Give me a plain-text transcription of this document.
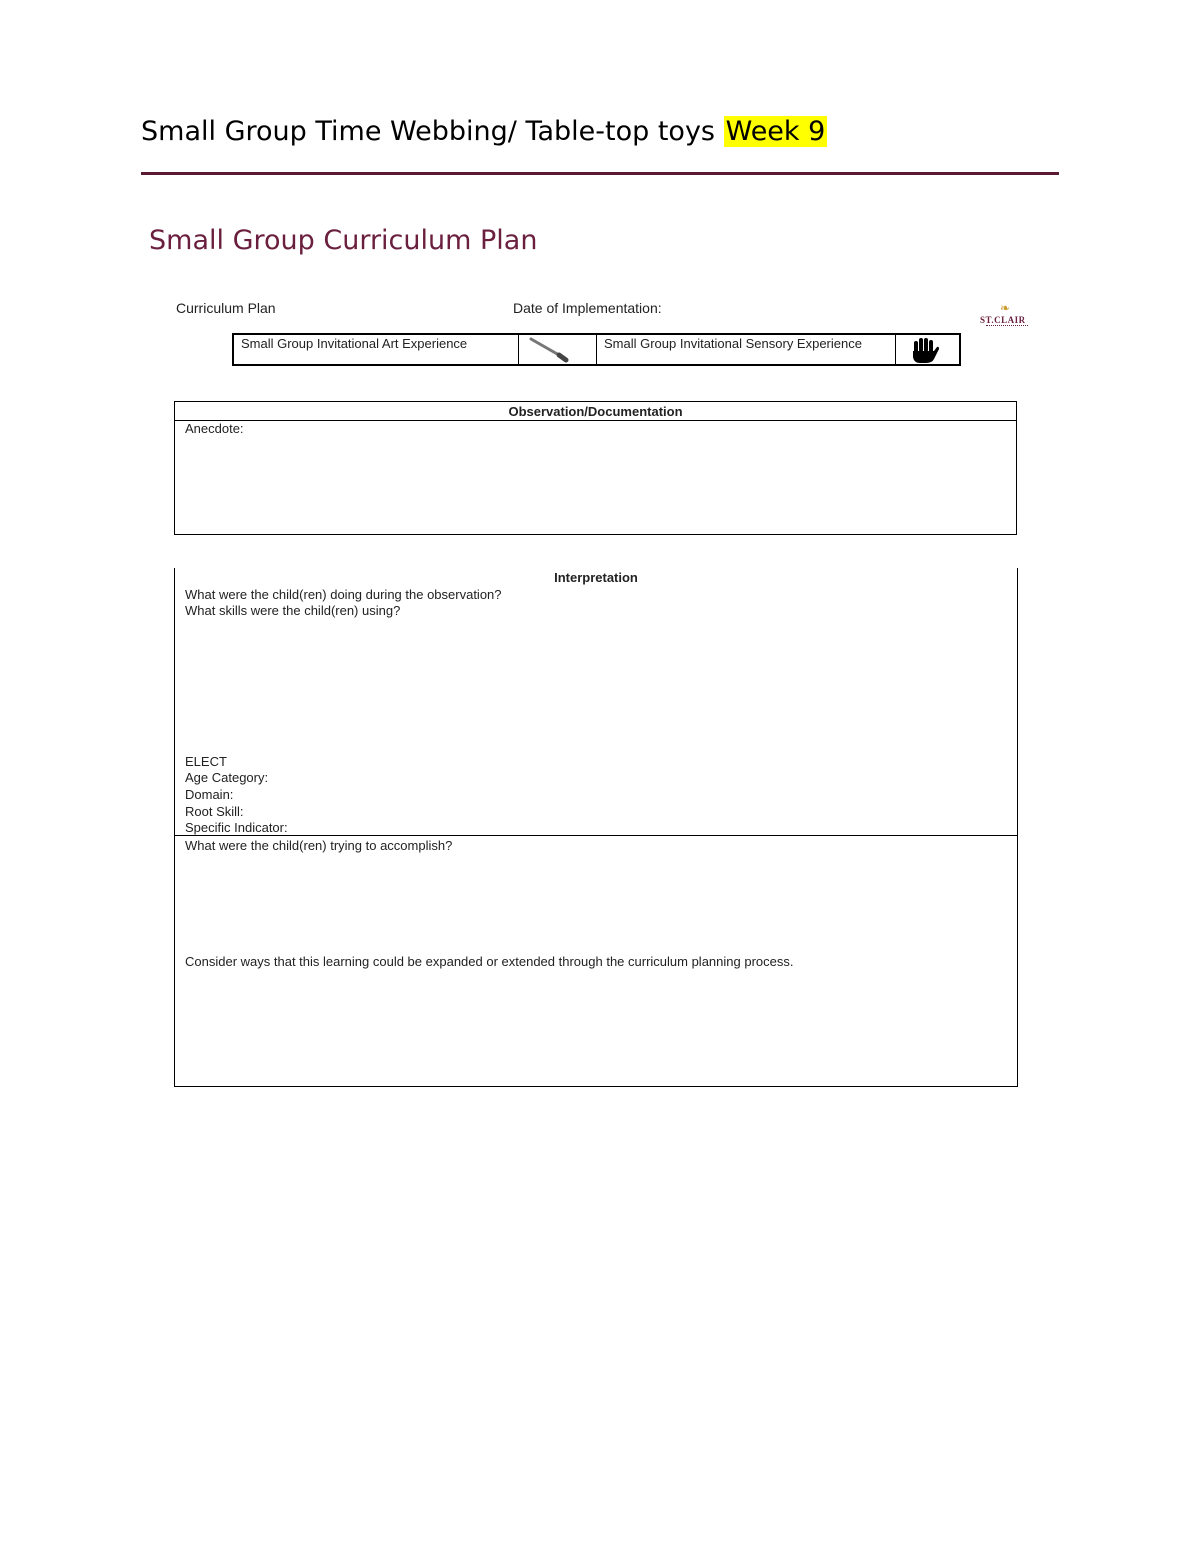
Small Group Time Webbing/ Table-top toys Week 9
Small Group Curriculum Plan
Curriculum Plan	Date of Implementation:	❧
ST.CLAIR
Small Group Invitational Art Experience	Small Group Invitational Sensory Experience
Observation/Documentation
Anecdote:
Interpretation
What were the child(ren) doing during the observation?
What skills were the child(ren) using?
ELECT
Age Category:
Domain:
Root Skill:
Specific Indicator:
What were the child(ren) trying to accomplish?
Consider ways that this learning could be expanded or extended through the curriculum planning process.
